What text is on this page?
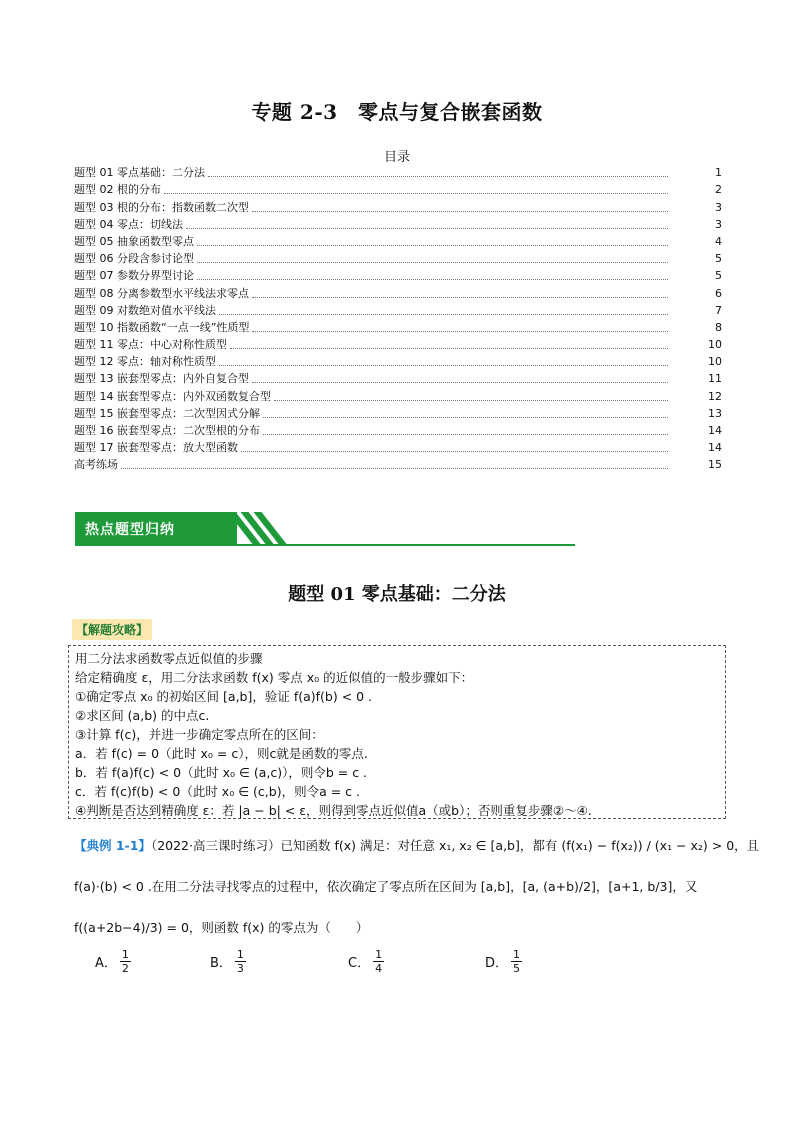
专题 2-3　零点与复合嵌套函数
目录
题型 01 零点基础：二分法	1
题型 02 根的分布	2
题型 03 根的分布：指数函数二次型	3
题型 04 零点：切线法	3
题型 05 抽象函数型零点	4
题型 06 分段含参讨论型	5
题型 07 参数分界型讨论	5
题型 08 分离参数型水平线法求零点	6
题型 09 对数绝对值水平线法	7
题型 10 指数函数“一点一线”性质型	8
题型 11 零点：中心对称性质型	10
题型 12 零点：轴对称性质型	10
题型 13 嵌套型零点：内外自复合型	11
题型 14 嵌套型零点：内外双函数复合型	12
题型 15 嵌套型零点：二次型因式分解	13
题型 16 嵌套型零点：二次型根的分布	14
题型 17 嵌套型零点：放大型函数	14
高考练场	15
热点题型归纳
题型 01 零点基础：二分法
【解题攻略】
用二分法求函数零点近似值的步骤
给定精确度 ε，用二分法求函数 f(x) 零点 x₀ 的近似值的一般步骤如下：
①确定零点 x₀ 的初始区间 [a,b]，验证 f(a)f(b) < 0 .
②求区间 (a,b) 的中点c.
③计算 f(c)，并进一步确定零点所在的区间：
a．若 f(c) = 0（此时 x₀ = c），则c就是函数的零点.
b．若 f(a)f(c) < 0（此时 x₀ ∈ (a,c)），则令b = c .
c．若 f(c)f(b) < 0（此时 x₀ ∈ (c,b)，则令a = c .
④判断是否达到精确度 ε：若 |a − b| < ε，则得到零点近似值a（或b）；否则重复步骤②～④.
【典例 1-1】（2022·高三课时练习）已知函数 f(x) 满足：对任意 x₁, x₂ ∈ [a,b]，都有 (f(x₁) − f(x₂)) / (x₁ − x₂) > 0，且
f(a)·(b) < 0 .在用二分法寻找零点的过程中，依次确定了零点所在区间为 [a,b]，[a, (a+b)/2]，[a+1, b/3]，又
f((a+2b−4)/3) = 0，则函数 f(x) 的零点为（　　）
A． $\frac{1}{2}$	B． $\frac{1}{3}$	C． $\frac{1}{4}$	D． $\frac{1}{5}$
